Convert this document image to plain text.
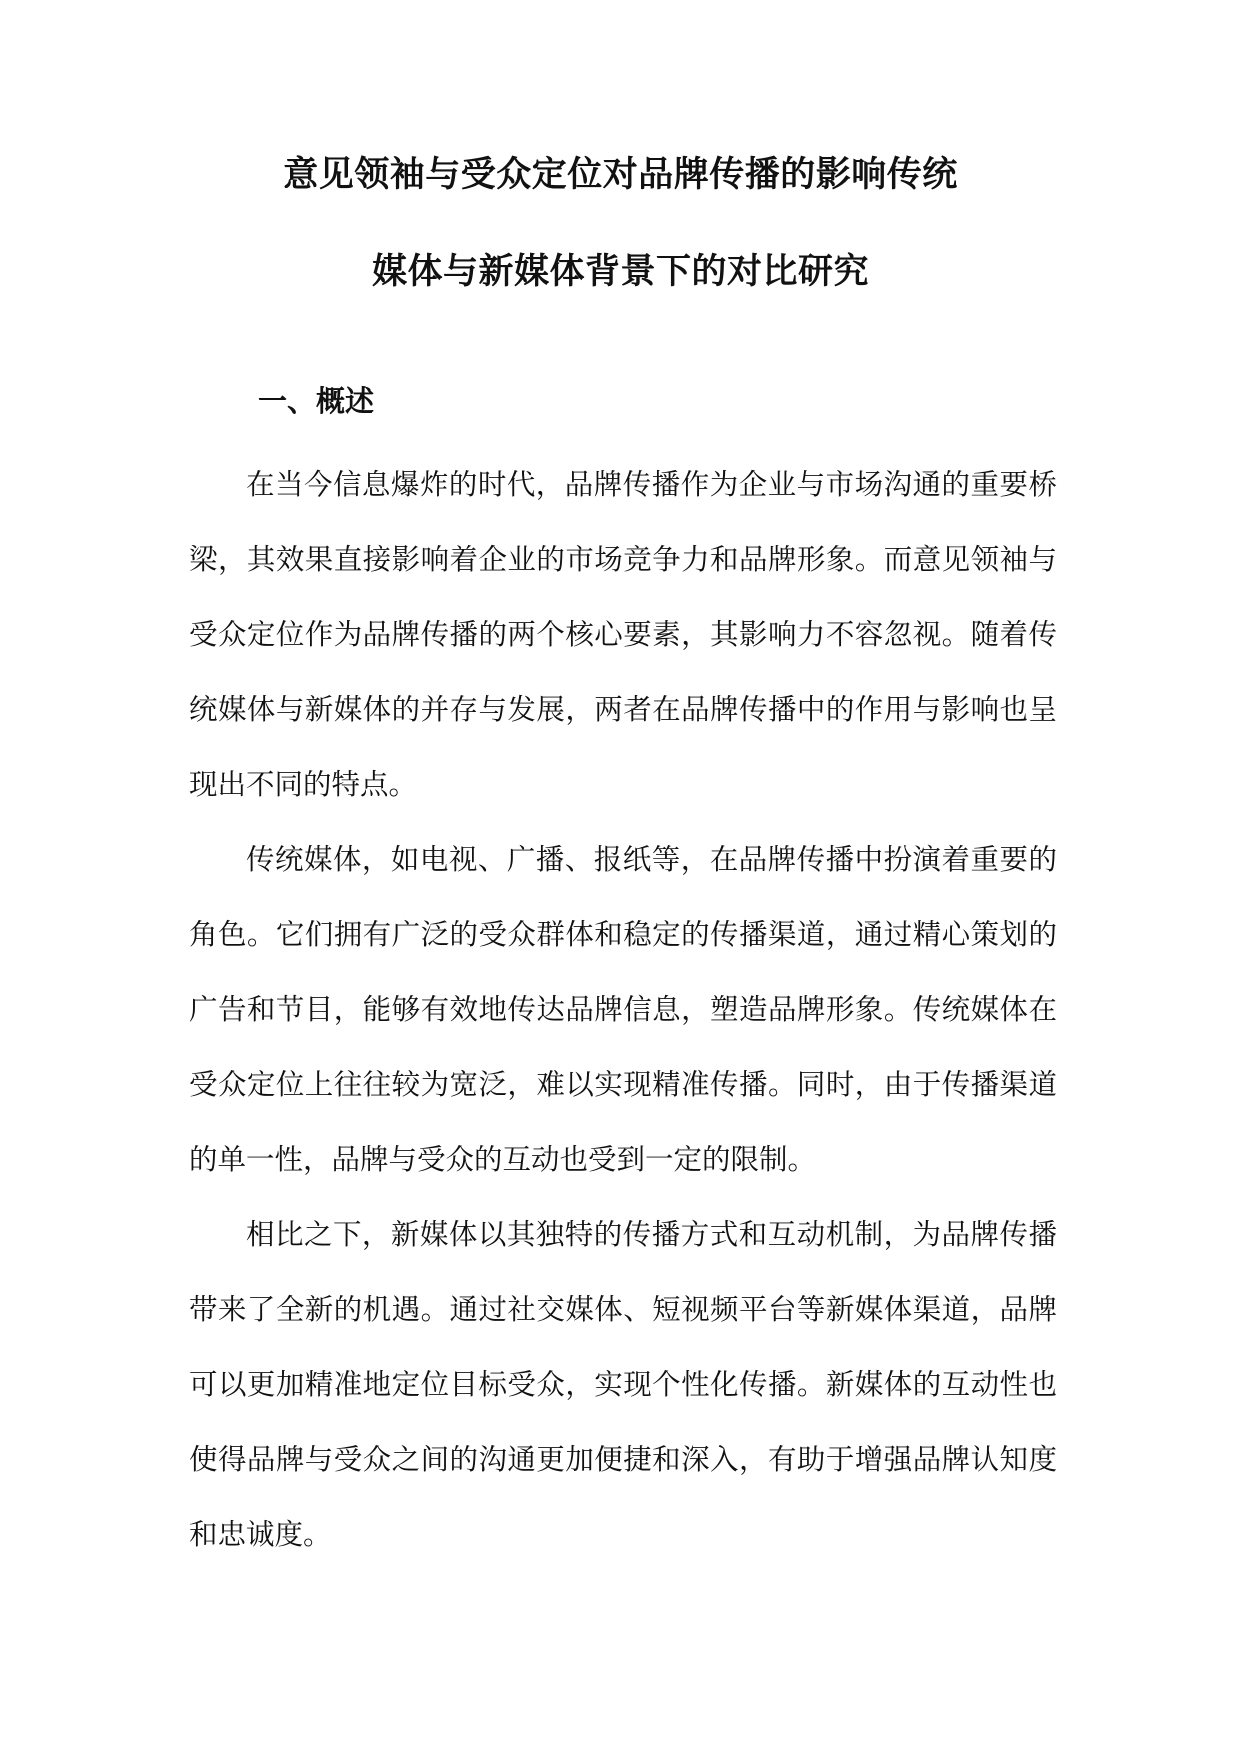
意见领袖与受众定位对品牌传播的影响传统
媒体与新媒体背景下的对比研究
一、概述

在当今信息爆炸的时代，品牌传播作为企业与市场沟通的重要桥梁，其效果直接影响着企业的市场竞争力和品牌形象。而意见领袖与受众定位作为品牌传播的两个核心要素，其影响力不容忽视。随着传统媒体与新媒体的并存与发展，两者在品牌传播中的作用与影响也呈现出不同的特点。

传统媒体，如电视、广播、报纸等，在品牌传播中扮演着重要的角色。它们拥有广泛的受众群体和稳定的传播渠道，通过精心策划的广告和节目，能够有效地传达品牌信息，塑造品牌形象。传统媒体在受众定位上往往较为宽泛，难以实现精准传播。同时，由于传播渠道的单一性，品牌与受众的互动也受到一定的限制。

相比之下，新媒体以其独特的传播方式和互动机制，为品牌传播带来了全新的机遇。通过社交媒体、短视频平台等新媒体渠道，品牌可以更加精准地定位目标受众，实现个性化传播。新媒体的互动性也使得品牌与受众之间的沟通更加便捷和深入，有助于增强品牌认知度和忠诚度。
